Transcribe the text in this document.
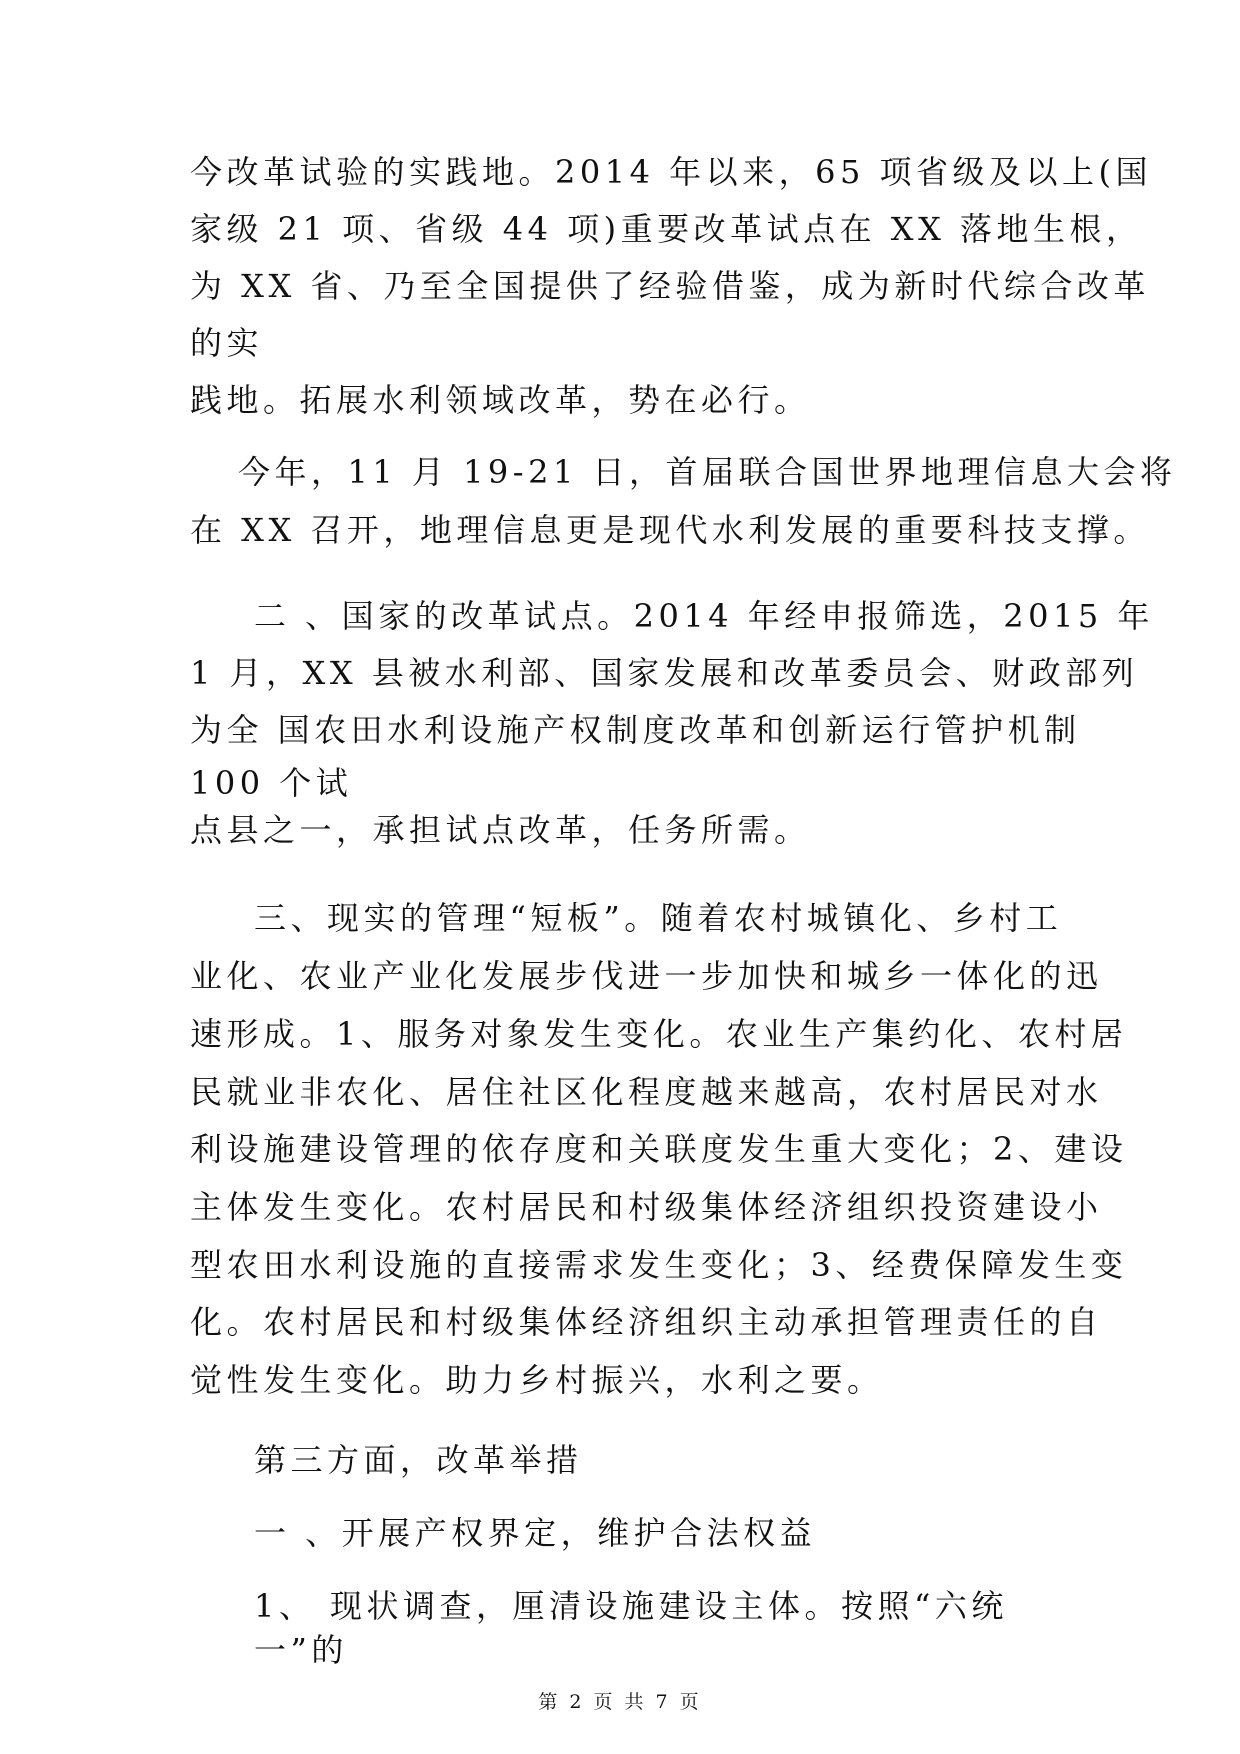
今改革试验的实践地。2014 年以来，65 项省级及以上(国
家级 21 项、省级 44 项)重要改革试点在 XX 落地生根，
为 XX 省、乃至全国提供了经验借鉴，成为新时代综合改革
的实
践地。拓展水利领域改革，势在必行。
今年，11 月 19-21 日，首届联合国世界地理信息大会将
在 XX 召开，地理信息更是现代水利发展的重要科技支撑。
二 、国家的改革试点。2014 年经申报筛选，2015 年
1 月，XX 县被水利部、国家发展和改革委员会、财政部列
为全 国农田水利设施产权制度改革和创新运行管护机制
100 个试
点县之一，承担试点改革，任务所需。
三、现实的管理“短板”。随着农村城镇化、乡村工
业化、农业产业化发展步伐进一步加快和城乡一体化的迅
速形成。1、服务对象发生变化。农业生产集约化、农村居
民就业非农化、居住社区化程度越来越高，农村居民对水
利设施建设管理的依存度和关联度发生重大变化；2、建设
主体发生变化。农村居民和村级集体经济组织投资建设小
型农田水利设施的直接需求发生变化；3、经费保障发生变
化。农村居民和村级集体经济组织主动承担管理责任的自
觉性发生变化。助力乡村振兴，水利之要。
第三方面，改革举措
一 、开展产权界定，维护合法权益
1、 现状调查，厘清设施建设主体。按照“六统
一”的
第 2 页 共 7 页
